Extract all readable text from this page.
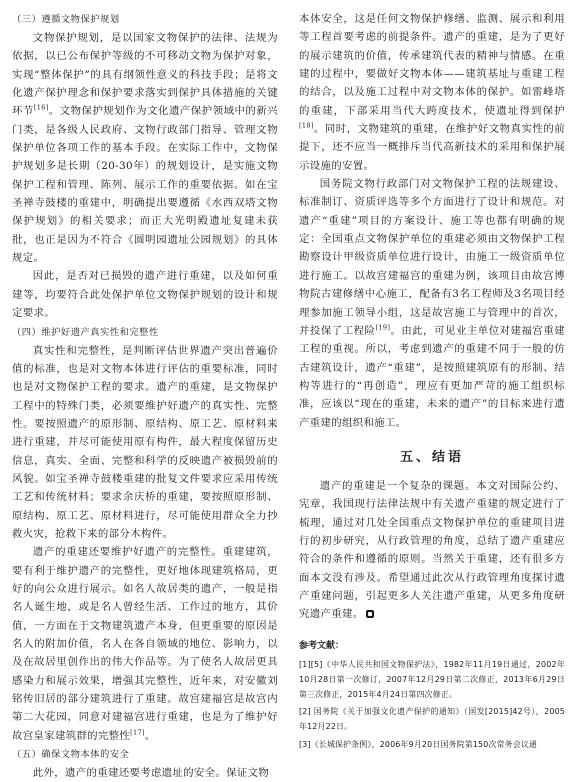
（三）遵循文物保护规划

文物保护规划，是以国家文物保护的法律、法规为依据，以已公布保护等级的不可移动文物为保护对象，实现“整体保护”的具有纲领性意义的科技手段；是将文化遗产保护理念和保护要求落实到保护具体措施的关键环节[16]。文物保护规划作为文化遗产保护领域中的新兴门类，是各级人民政府、文物行政部门指导、管理文物保护单位各项工作的基本手段。在实际工作中，文物保护规划多是长期（20-30年）的规划设计，是实施文物保护工程和管理、陈列、展示工作的重要依据。如在宝圣禅寺鼓楼的重建中，明确提出要遵循《水西双塔文物保护规划》的相关要求；而正大光明殿遗址复建未获批，也正是因为不符合《圆明园遗址公园规划》的具体规定。

因此，是否对已损毁的遗产进行重建，以及如何重建等，均要符合此处保护单位文物保护规划的设计和规定要求。

（四）维护好遗产真实性和完整性

真实性和完整性，是判断评估世界遗产突出普遍价值的标准，也是对文物本体进行评估的重要标准，同时也是对文物保护工程的要求。遗产的重建，是文物保护工程中的特殊门类，必须要维护好遗产的真实性、完整性。要按照遗产的原形制、原结构、原工艺、原材料来进行重建，并尽可能使用原有构件，最大程度保留历史信息，真实、全面、完整和科学的反映遗产被损毁前的风貌。如宝圣禅寺鼓楼重建的批复文件要求应采用传统工艺和传统材料；要求余庆桥的重建，要按照原形制、原结构、原工艺、原材料进行，尽可能使用群众全力抄救火灾，抢救下来的部分木构件。

遗产的重建还要维护好遗产的完整性。重建建筑，要有利于维护遗产的完整性，更好地体现建筑格局，更好的向公众进行展示。如名人故居类的遗产，一般是指名人诞生地，或是名人曾经生活、工作过的地方，其价值，一方面在于文物建筑遗产本身，但更重要的原因是名人的附加价值，名人在各自领域的地位、影响力，以及在故居里创作出的伟大作品等。为了使名人故居更具感染力和展示效果，增强其完整性，近年来，对安徽刘铭传旧居的部分建筑进行了重建。故宫建福宫是故宫内第二大花园，同意对建福宫进行重建，也是为了维护好故宫皇家建筑群的完整性[17]。

（五）确保文物本体的安全

此外，遗产的重建还要考虑遗址的安全。保证文物

本体安全，这是任何文物保护修缮、监测、展示和利用等工程首要考虑的前提条件。遗产的重建，是为了更好的展示建筑的价值，传承建筑代表的精神与情感。在重建的过程中，要做好文物本体——建筑基址与重建工程的结合，以及施工过程中对文物本体的保护。如雷峰塔的重建，下部采用当代大跨度技术，使遗址得到保护[18]。同时，文物建筑的重建，在维护好文物真实性的前提下，还不应当一概排斥当代高新技术的采用和保护展示设施的安置。

国务院文物行政部门对文物保护工程的法规建设、标准制订、资质评选等多个方面进行了设计和规范。对遗产“重建”项目的方案设计、施工等也都有明确的规定：全国重点文物保护单位的重建必须由文物保护工程勘察设计甲级资质单位进行设计，由施工一级资质单位进行施工。以故宫建福宫的重建为例，该项目由故宫博物院古建修缮中心施工，配备有3名工程师及3名项目经理参加施工领导小组，这是故宫施工与管理中的首次，并投保了工程险[19]。由此，可见业主单位对建福宫重建工程的重视。所以，考虑到遗产的重建不同于一般的仿古建筑设计，遗产“重建”，是按照建筑原有的形制、结构等进行的“再创造”，理应有更加严苛的施工组织标准，应该以“现在的重建，未来的遗产”的目标来进行遗产重建的组织和施工。

五、结语

遗产的重建是一个复杂的课题。本文对国际公约、宪章，我国现行法律法规中有关遗产重建的规定进行了梳理，通过对几处全国重点文物保护单位的重建项目进行的初步研究，从行政管理的角度，总结了遗产重建应符合的条件和遵循的原则。当然关于重建，还有很多方面本文没有涉及。希望通过此次从行政管理角度探讨遗产重建问题，引起更多人关注遗产重建，从更多角度研究遗产重建。

参考文献：

[1][5]《中华人民共和国文物保护法》，1982年11月19日通过，2002年10月28日第一次修订，2007年12月29日第二次修正，2013年6月29日第三次修正，2015年4月24日第四次修正。

[2] 国务院《关于加强文化遗产保护的通知》（国发[2015]42号），2005年12月22日。

[3]《长城保护条例》，2006年9月20日国务院第150次常务会议通
